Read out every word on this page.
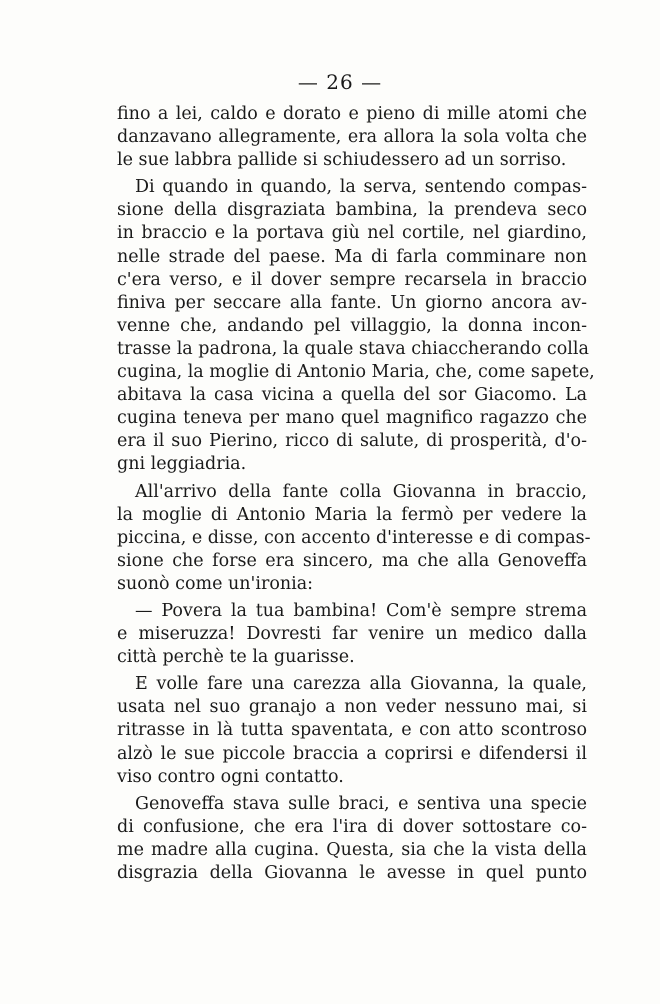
— 26 —
fino a lei, caldo e dorato e pieno di mille atomi che
danzavano allegramente, era allora la sola volta che
le sue labbra pallide si schiudessero ad un sorriso.
Di quando in quando, la serva, sentendo compas-
sione della disgraziata bambina, la prendeva seco
in braccio e la portava giù nel cortile, nel giardino,
nelle strade del paese. Ma di farla comminare non
c'era verso, e il dover sempre recarsela in braccio
finiva per seccare alla fante. Un giorno ancora av-
venne che, andando pel villaggio, la donna incon-
trasse la padrona, la quale stava chiaccherando colla
cugina, la moglie di Antonio Maria, che, come sapete,
abitava la casa vicina a quella del sor Giacomo. La
cugina teneva per mano quel magnifico ragazzo che
era il suo Pierino, ricco di salute, di prosperità, d'o-
gni leggiadria.
All'arrivo della fante colla Giovanna in braccio,
la moglie di Antonio Maria la fermò per vedere la
piccina, e disse, con accento d'interesse e di compas-
sione che forse era sincero, ma che alla Genoveffa
suonò come un'ironia:
— Povera la tua bambina! Com'è sempre strema
e miseruzza! Dovresti far venire un medico dalla
città perchè te la guarisse.
E volle fare una carezza alla Giovanna, la quale,
usata nel suo granajo a non veder nessuno mai, si
ritrasse in là tutta spaventata, e con atto scontroso
alzò le sue piccole braccia a coprirsi e difendersi il
viso contro ogni contatto.
Genoveffa stava sulle braci, e sentiva una specie
di confusione, che era l'ira di dover sottostare co-
me madre alla cugina. Questa, sia che la vista della
disgrazia della Giovanna le avesse in quel punto
